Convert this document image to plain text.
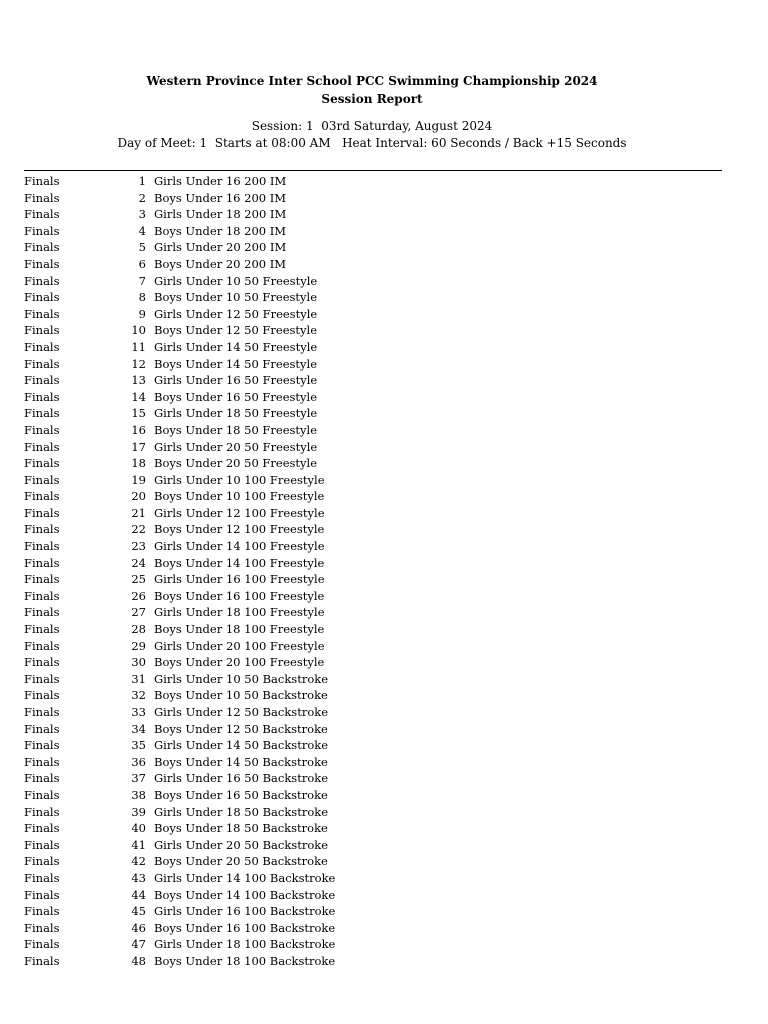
Western Province Inter School PCC Swimming Championship 2024

Session Report

Session: 1  03rd Saturday, August 2024

Day of Meet: 1  Starts at 08:00 AM   Heat Interval: 60 Seconds / Back +15 Seconds

Finals	1 Girls Under 16 200 IM
Finals	2 Boys Under 16 200 IM
Finals	3 Girls Under 18 200 IM
Finals	4 Boys Under 18 200 IM
Finals	5 Girls Under 20 200 IM
Finals	6 Boys Under 20 200 IM
Finals	7 Girls Under 10 50 Freestyle
Finals	8 Boys Under 10 50 Freestyle
Finals	9 Girls Under 12 50 Freestyle
Finals	10 Boys Under 12 50 Freestyle
Finals	11 Girls Under 14 50 Freestyle
Finals	12 Boys Under 14 50 Freestyle
Finals	13 Girls Under 16 50 Freestyle
Finals	14 Boys Under 16 50 Freestyle
Finals	15 Girls Under 18 50 Freestyle
Finals	16 Boys Under 18 50 Freestyle
Finals	17 Girls Under 20 50 Freestyle
Finals	18 Boys Under 20 50 Freestyle
Finals	19 Girls Under 10 100 Freestyle
Finals	20 Boys Under 10 100 Freestyle
Finals	21 Girls Under 12 100 Freestyle
Finals	22 Boys Under 12 100 Freestyle
Finals	23 Girls Under 14 100 Freestyle
Finals	24 Boys Under 14 100 Freestyle
Finals	25 Girls Under 16 100 Freestyle
Finals	26 Boys Under 16 100 Freestyle
Finals	27 Girls Under 18 100 Freestyle
Finals	28 Boys Under 18 100 Freestyle
Finals	29 Girls Under 20 100 Freestyle
Finals	30 Boys Under 20 100 Freestyle
Finals	31 Girls Under 10 50 Backstroke
Finals	32 Boys Under 10 50 Backstroke
Finals	33 Girls Under 12 50 Backstroke
Finals	34 Boys Under 12 50 Backstroke
Finals	35 Girls Under 14 50 Backstroke
Finals	36 Boys Under 14 50 Backstroke
Finals	37 Girls Under 16 50 Backstroke
Finals	38 Boys Under 16 50 Backstroke
Finals	39 Girls Under 18 50 Backstroke
Finals	40 Boys Under 18 50 Backstroke
Finals	41 Girls Under 20 50 Backstroke
Finals	42 Boys Under 20 50 Backstroke
Finals	43 Girls Under 14 100 Backstroke
Finals	44 Boys Under 14 100 Backstroke
Finals	45 Girls Under 16 100 Backstroke
Finals	46 Boys Under 16 100 Backstroke
Finals	47 Girls Under 18 100 Backstroke
Finals	48 Boys Under 18 100 Backstroke
